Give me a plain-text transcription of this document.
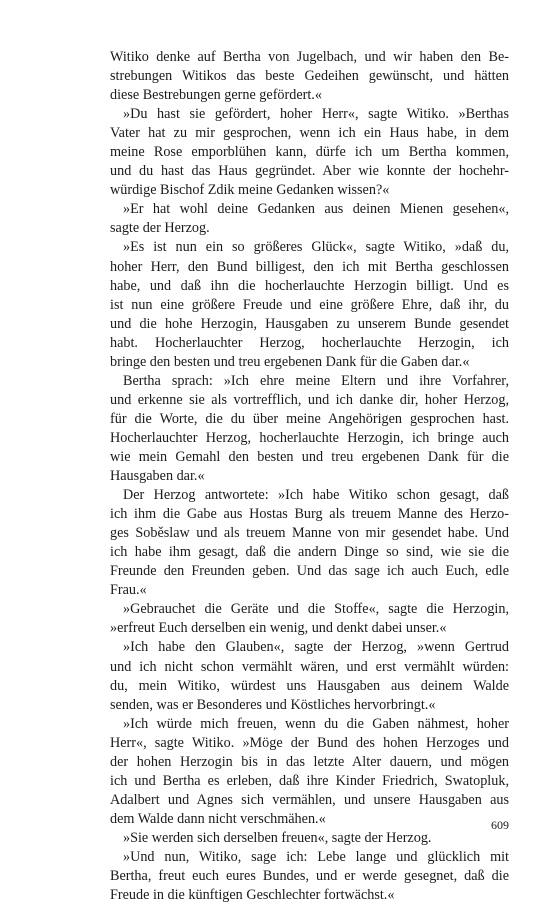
Witiko denke auf Bertha von Jugelbach, und wir haben den Be-
strebungen Witikos das beste Gedeihen gewünscht, und hätten
diese Bestrebungen gerne gefördert.«
»Du hast sie gefördert, hoher Herr«, sagte Witiko. »Berthas
Vater hat zu mir gesprochen, wenn ich ein Haus habe, in dem
meine Rose emporblühen kann, dürfe ich um Bertha kommen,
und du hast das Haus gegründet. Aber wie konnte der hochehr-
würdige Bischof Zdik meine Gedanken wissen?«
»Er hat wohl deine Gedanken aus deinen Mienen gesehen«,
sagte der Herzog.
»Es ist nun ein so größeres Glück«, sagte Witiko, »daß du,
hoher Herr, den Bund billigest, den ich mit Bertha geschlossen
habe, und daß ihn die hocherlauchte Herzogin billigt. Und es
ist nun eine größere Freude und eine größere Ehre, daß ihr, du
und die hohe Herzogin, Hausgaben zu unserem Bunde gesendet
habt. Hocherlauchter Herzog, hocherlauchte Herzogin, ich
bringe den besten und treu ergebenen Dank für die Gaben dar.«
Bertha sprach: »Ich ehre meine Eltern und ihre Vorfahrer,
und erkenne sie als vortrefflich, und ich danke dir, hoher Herzog,
für die Worte, die du über meine Angehörigen gesprochen hast.
Hocherlauchter Herzog, hocherlauchte Herzogin, ich bringe auch
wie mein Gemahl den besten und treu ergebenen Dank für die
Hausgaben dar.«
Der Herzog antwortete: »Ich habe Witiko schon gesagt, daß
ich ihm die Gabe aus Hostas Burg als treuem Manne des Herzo-
ges Soběslaw und als treuem Manne von mir gesendet habe. Und
ich habe ihm gesagt, daß die andern Dinge so sind, wie sie die
Freunde den Freunden geben. Und das sage ich auch Euch, edle
Frau.«
»Gebrauchet die Geräte und die Stoffe«, sagte die Herzogin,
»erfreut Euch derselben ein wenig, und denkt dabei unser.«
»Ich habe den Glauben«, sagte der Herzog, »wenn Gertrud
und ich nicht schon vermählt wären, und erst vermählt würden:
du, mein Witiko, würdest uns Hausgaben aus deinem Walde
senden, was er Besonderes und Köstliches hervorbringt.«
»Ich würde mich freuen, wenn du die Gaben nähmest, hoher
Herr«, sagte Witiko. »Möge der Bund des hohen Herzoges und
der hohen Herzogin bis in das letzte Alter dauern, und mögen
ich und Bertha es erleben, daß ihre Kinder Friedrich, Swatopluk,
Adalbert und Agnes sich vermählen, und unsere Hausgaben aus
dem Walde dann nicht verschmähen.«
»Sie werden sich derselben freuen«, sagte der Herzog.
»Und nun, Witiko, sage ich: Lebe lange und glücklich mit
Bertha, freut euch eures Bundes, und er werde gesegnet, daß die
Freude in die künftigen Geschlechter fortwächst.«
609
